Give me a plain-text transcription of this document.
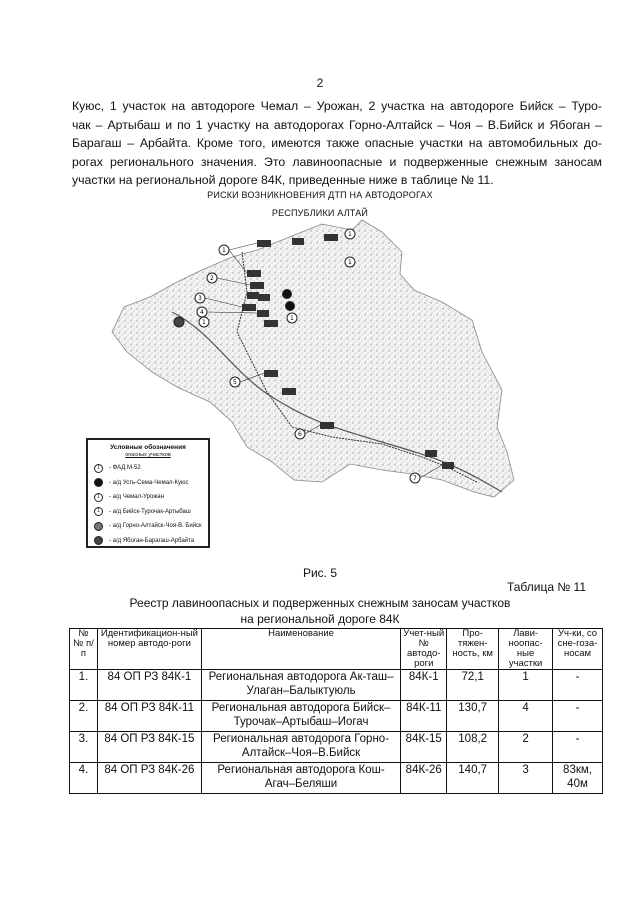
2
Куюс, 1 участок на автодороге Чемал – Урожан, 2 участка на автодороге Бийск – Туро-
чак – Артыбаш и по 1 участку на автодорогах Горно-Алтайск – Чоя – В.Бийск и Ябоган –
Барагаш – Арбайта. Кроме того, имеются также опасные участки на автомобильных до-
рогах регионального значения. Это лавиноопасные и подверженные снежным заносам
участки на региональной дороге 84К, приведенные ниже в таблице № 11.
РИСКИ ВОЗНИКНОВЕНИЯ ДТП НА АВТОДОРОГАХ
РЕСПУБЛИКИ АЛТАЙ
1
2
3
4
1
1
1
1
5
6
7
Условные обозначения
опасных участков
1	- ФАД М-52
- а/д Усть-Сема-Чемал-Куюс
1	- а/д Чемал-Урожан
1	- а/д Бийск-Турочак-Артыбаш
- а/д Горно-Алтайск-Чоя-В. Бийск
- а/д Ябоган-Барагаш-Арбайта
Рис. 5
Таблица № 11
Реестр лавиноопасных и подверженных снежным заносам участков
на региональной дороге 84К
№ № п/п	Идентификацион-ный номер автодо-роги	Наименование	Учет-ный № автодо-роги	Про-тяжен-ность, км	Лави-ноопас-ные участки	Уч-ки, со сне-гоза-носам
1.	84 ОП РЗ 84К-1	Региональная автодорога Ак-таш–Улаган–Балыктуюль	84К-1	72,1	1	-
2.	84 ОП РЗ 84К-11	Региональная автодорога Бийск–Турочак–Артыбаш–Иогач	84К-11	130,7	4	-
3.	84 ОП РЗ 84К-15	Региональная автодорога Горно-Алтайск–Чоя–В.Бийск	84К-15	108,2	2	-
4.	84 ОП РЗ 84К-26	Региональная автодорога Кош-Агач–Беляши	84К-26	140,7	3	83км, 40м
